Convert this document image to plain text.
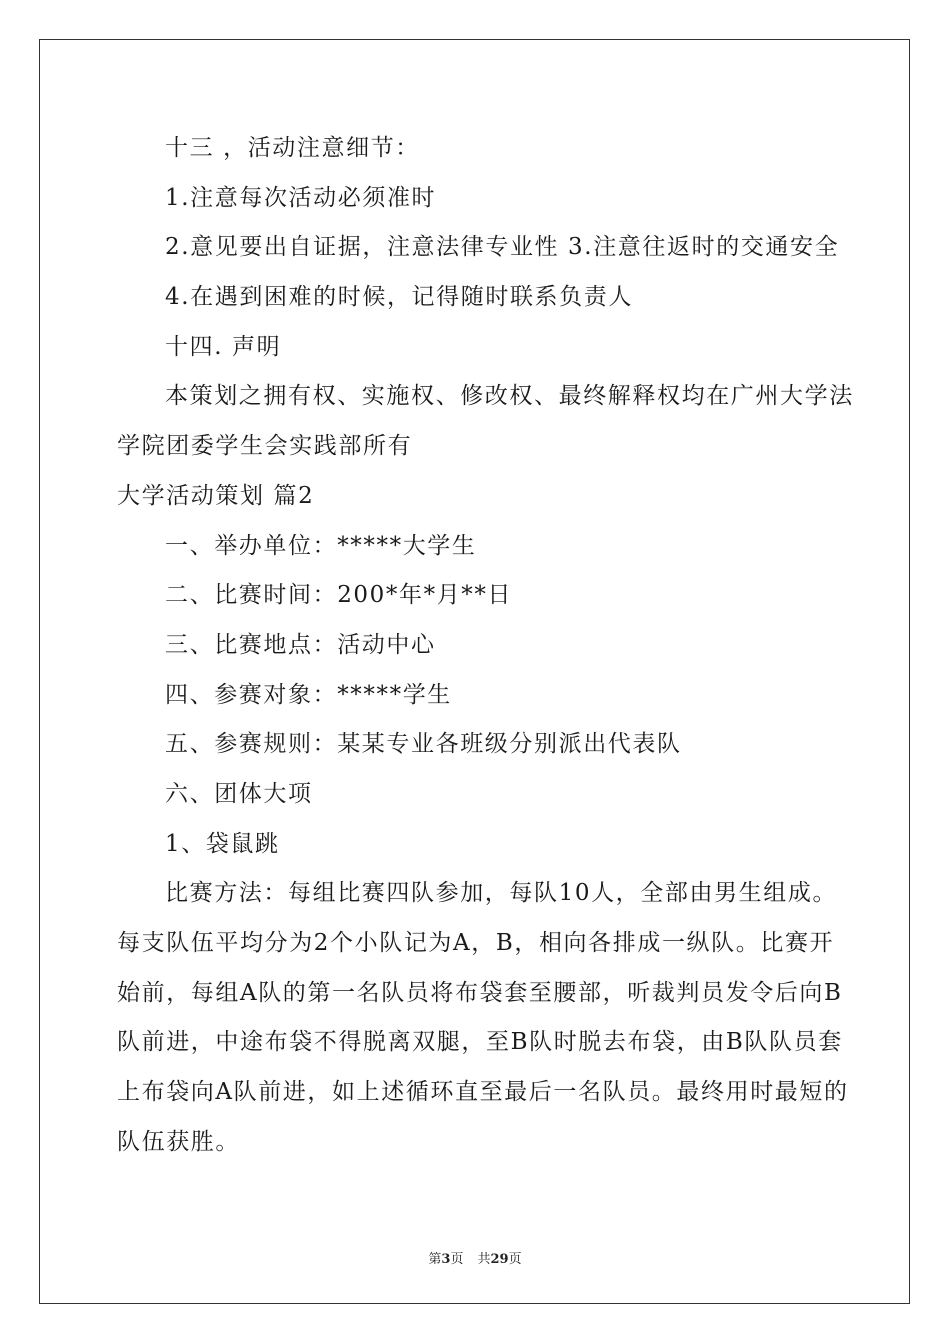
十三 ，活动注意细节：
1.注意每次活动必须准时
2.意见要出自证据，注意法律专业性 3.注意往返时的交通安全
4.在遇到困难的时候，记得随时联系负责人
十四. 声明
本策划之拥有权、实施权、修改权、最终解释权均在广州大学法
学院团委学生会实践部所有
大学活动策划 篇2
一、举办单位：*****大学生
二、比赛时间：200*年*月**日
三、比赛地点：活动中心
四、参赛对象：*****学生
五、参赛规则：某某专业各班级分别派出代表队
六、团体大项
1、袋鼠跳
比赛方法：每组比赛四队参加，每队10人，全部由男生组成。
每支队伍平均分为2个小队记为A，B，相向各排成一纵队。比赛开
始前，每组A队的第一名队员将布袋套至腰部，听裁判员发令后向B
队前进，中途布袋不得脱离双腿，至B队时脱去布袋，由B队队员套
上布袋向A队前进，如上述循环直至最后一名队员。最终用时最短的
队伍获胜。
第3页 共29页
